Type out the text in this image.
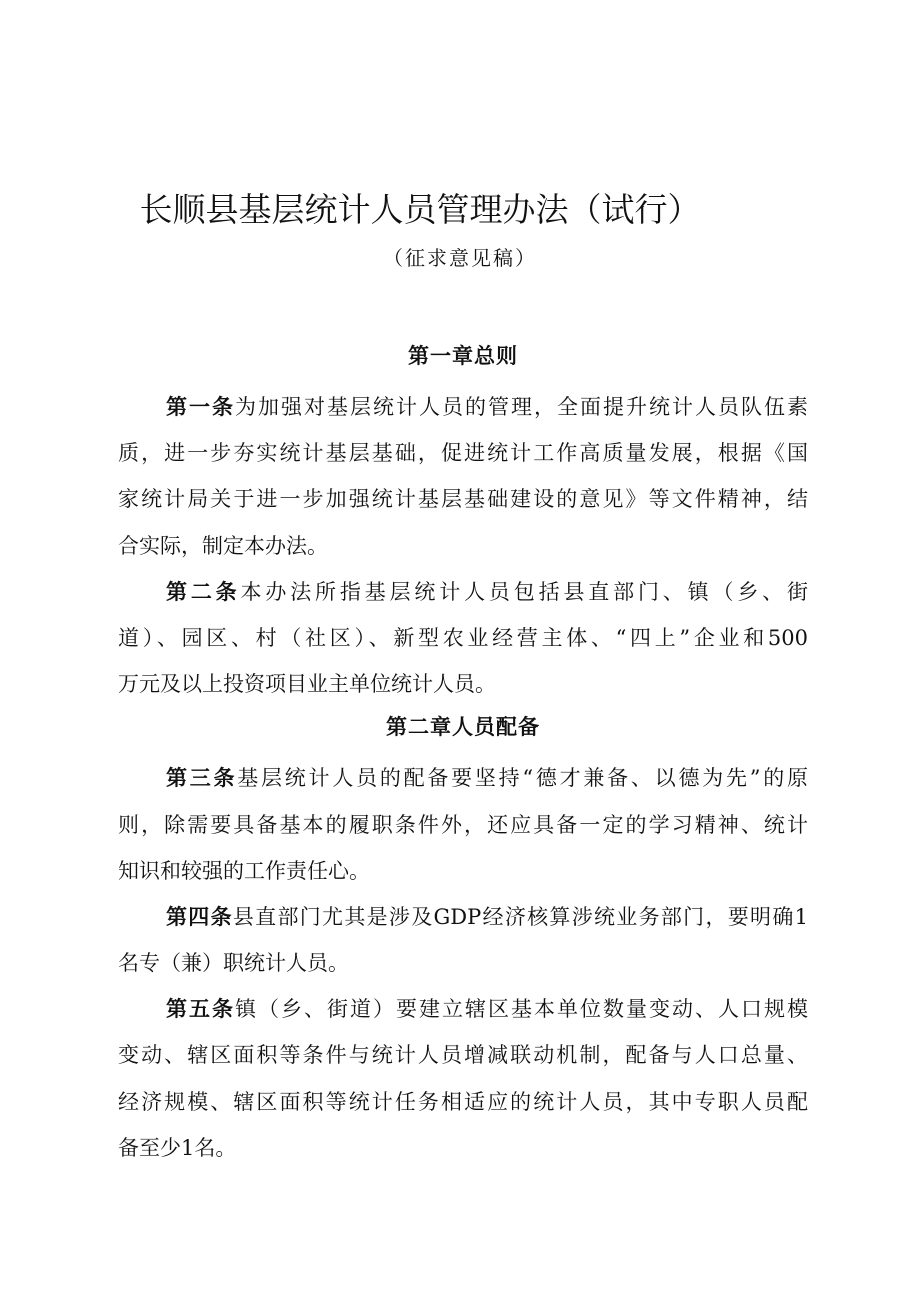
长顺县基层统计人员管理办法（试行）
（征求意见稿）
第一章总则
第一条为加强对基层统计人员的管理，全面提升统计人员队伍素
质，进一步夯实统计基层基础，促进统计工作高质量发展，根据《国
家统计局关于进一步加强统计基层基础建设的意见》等文件精神，结
合实际，制定本办法。
第二条本办法所指基层统计人员包括县直部门、镇（乡、街
道）、园区、村（社区）、新型农业经营主体、“四上”企业和500
万元及以上投资项目业主单位统计人员。
第二章人员配备
第三条基层统计人员的配备要坚持“德才兼备、以德为先”的原
则，除需要具备基本的履职条件外，还应具备一定的学习精神、统计
知识和较强的工作责任心。
第四条县直部门尤其是涉及GDP经济核算涉统业务部门，要明确1
名专（兼）职统计人员。
第五条镇（乡、街道）要建立辖区基本单位数量变动、人口规模
变动、辖区面积等条件与统计人员增减联动机制，配备与人口总量、
经济规模、辖区面积等统计任务相适应的统计人员，其中专职人员配
备至少1名。
